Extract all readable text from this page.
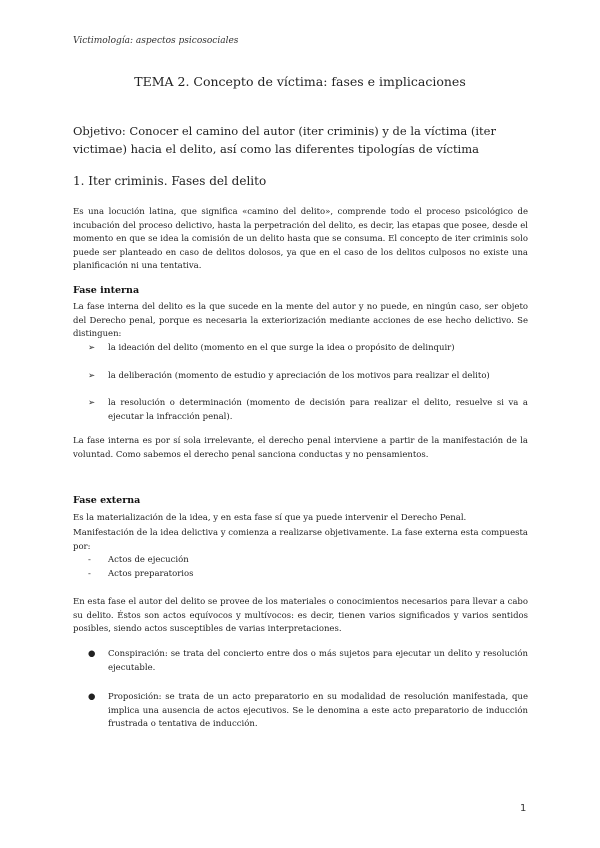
Victimología: aspectos psicosociales
TEMA 2. Concepto de víctima: fases e implicaciones
Objetivo: Conocer el camino del autor (iter criminis) y de la víctima (iter victimae) hacia el delito, así como las diferentes tipologías de víctima
1. Iter criminis. Fases del delito
Es una locución latina, que significa «camino del delito», comprende todo el proceso psicológico de incubación del proceso delictivo, hasta la perpetración del delito, es decir, las etapas que posee, desde el momento en que se idea la comisión de un delito hasta que se consuma. El concepto de iter criminis solo puede ser planteado en caso de delitos dolosos, ya que en el caso de los delitos culposos no existe una planificación ni una tentativa.
Fase interna
La fase interna del delito es la que sucede en la mente del autor y no puede, en ningún caso, ser objeto del Derecho penal, porque es necesaria la exteriorización mediante acciones de ese hecho delictivo. Se distinguen:
➢ la ideación del delito (momento en el que surge la idea o propósito de delinquir)
➢ la deliberación (momento de estudio y apreciación de los motivos para realizar el delito)
➢ la resolución o determinación (momento de decisión para realizar el delito, resuelve si va a ejecutar la infracción penal).
La fase interna es por sí sola irrelevante, el derecho penal interviene a partir de la manifestación de la voluntad. Como sabemos el derecho penal sanciona conductas y no pensamientos.
Fase externa
Es la materialización de la idea, y en esta fase sí que ya puede intervenir el Derecho Penal.
Manifestación de la idea delictiva y comienza a realizarse objetivamente. La fase externa esta compuesta por:
- Actos de ejecución
- Actos preparatorios
En esta fase el autor del delito se provee de los materiales o conocimientos necesarios para llevar a cabo su delito. Éstos son actos equívocos y multívocos: es decir, tienen varios significados y varios sentidos posibles, siendo actos susceptibles de varias interpretaciones.
● Conspiración: se trata del concierto entre dos o más sujetos para ejecutar un delito y resolución ejecutable.
● Proposición: se trata de un acto preparatorio en su modalidad de resolución manifestada, que implica una ausencia de actos ejecutivos. Se le denomina a este acto preparatorio de inducción frustrada o tentativa de inducción.
1
